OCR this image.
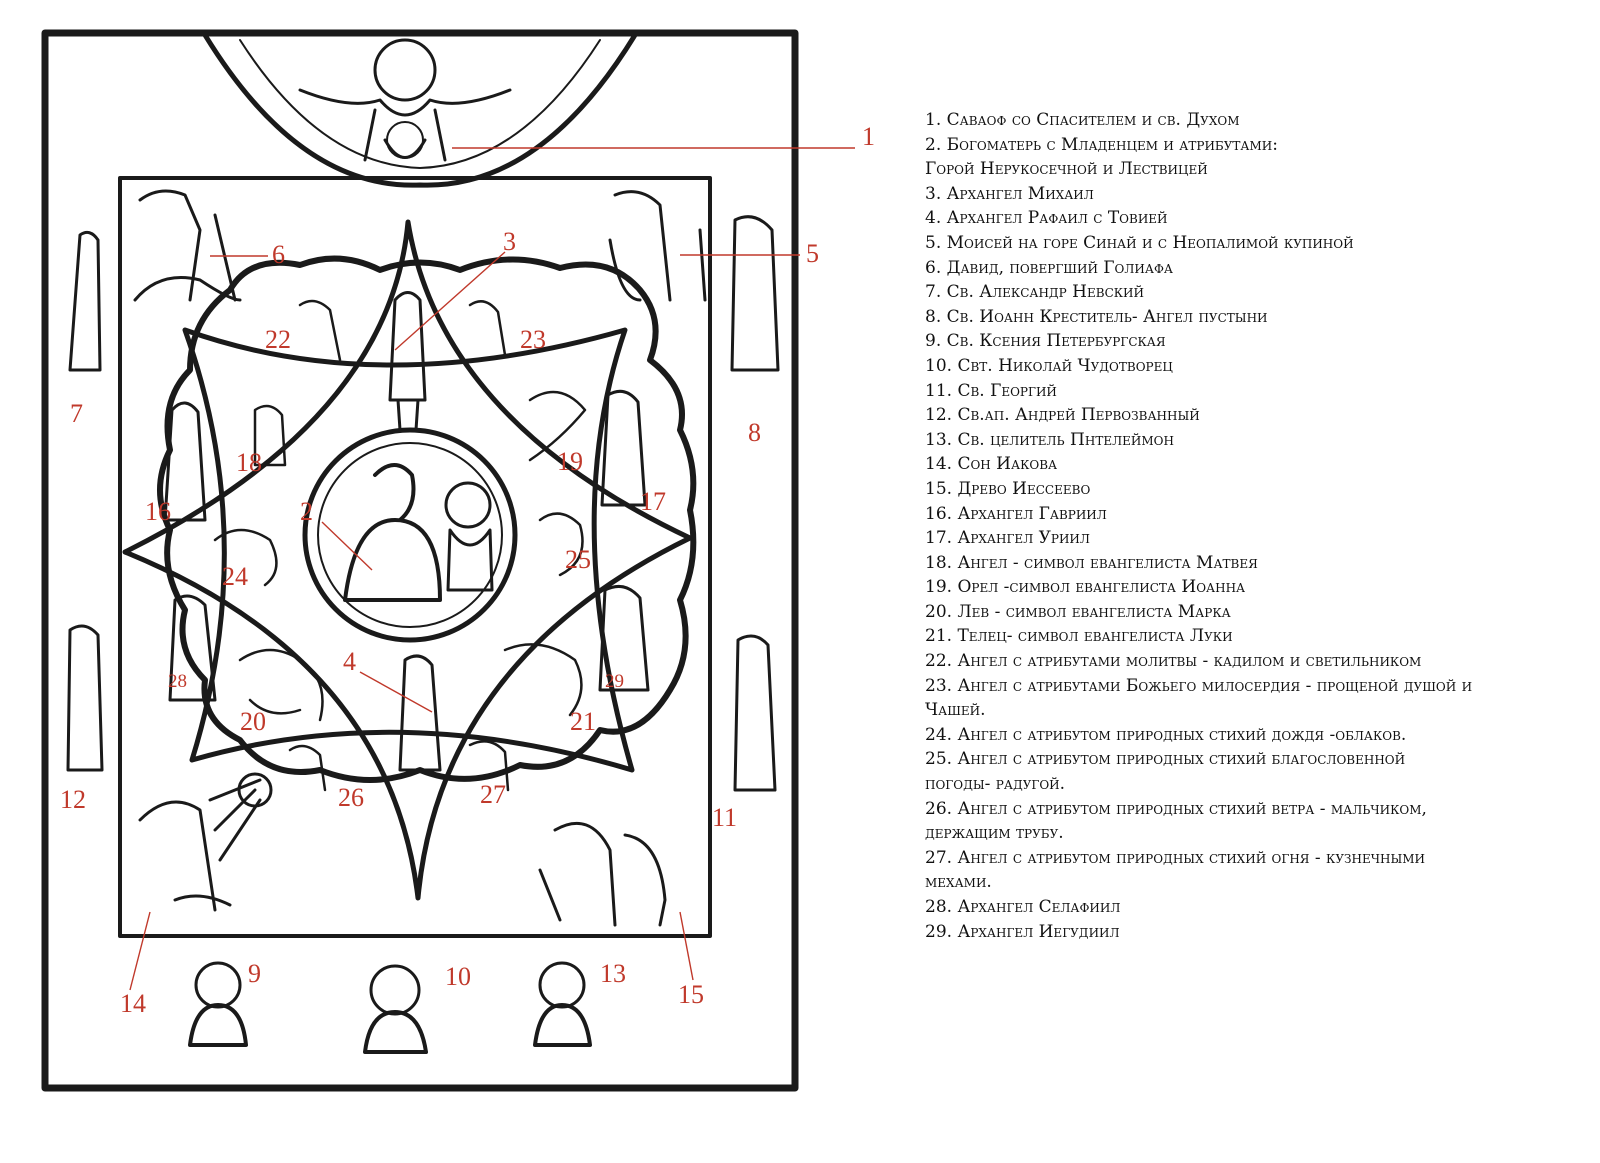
1
2
3
4
5
6
7
8
9	10
11
12
13
14	15
16	17
18	19
20	21
22	23
24
25
26	27
28	29
1. Саваоф со Спасителем и св. Духом
2. Богоматерь с Младенцем и атрибутами:
Горой Нерукосечной и Лествицей
3. Архангел Михаил
4. Архангел Рафаил с Товией
5. Моисей на горе Синай и с Неопалимой купиной
6. Давид, повергший Голиафа
7. Св. Александр Невский
8. Св. Иоанн Креститель- Ангел пустыни
9. Св. Ксения Петербургская
10. Свт. Николай Чудотворец
11. Св. Георгий
12. Св.ап. Андрей Первозванный
13. Св. целитель Пнтелеймон
14. Сон Иакова
15. Древо Иессеево
16. Архангел Гавриил
17. Архангел Уриил
18. Ангел - символ евангелиста Матвея
19. Орел -символ евангелиста Иоанна
20. Лев - символ евангелиста Марка
21. Телец- символ евангелиста Луки
22. Ангел с атрибутами молитвы - кадилом и светильником
23. Ангел с атрибутами Божьего милосердия - прощеной душой и
Чашей.
24. Ангел с атрибутом природных стихий дождя -облаков.
25. Ангел с атрибутом природных стихий благословенной
погоды- радугой.
26. Ангел с атрибутом природных стихий ветра - мальчиком,
держащим трубу.
27. Ангел с атрибутом природных стихий огня - кузнечными
мехами.
28. Архангел Селафиил
29. Архангел Иегудиил
